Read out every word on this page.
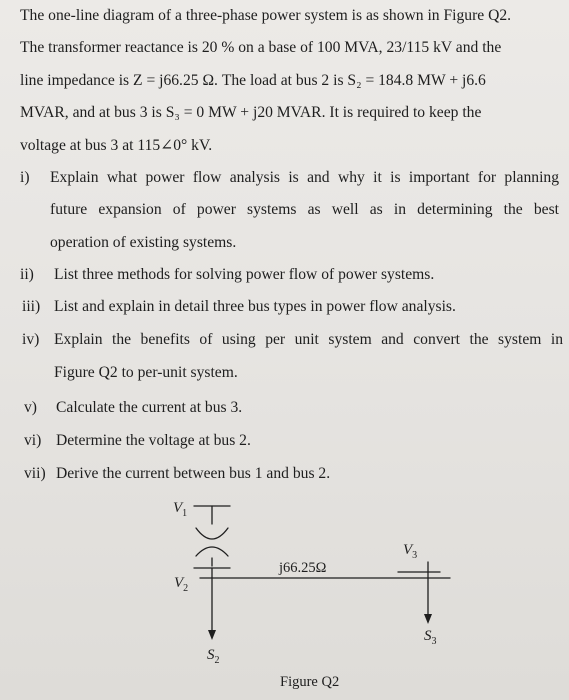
The one-line diagram of a three-phase power system is as shown in Figure Q2.
The transformer reactance is 20 % on a base of 100 MVA, 23/115 kV and the
line impedance is Z = j66.25 Ω. The load at bus 2 is S₂ = 184.8 MW + j6.6
MVAR, and at bus 3 is S₃ = 0 MW + j20 MVAR. It is required to keep the
voltage at bus 3 at 115∠0° kV.
i) Explain what power flow analysis is and why it is important for planning
future expansion of power systems as well as in determining the best
operation of existing systems.
ii) List three methods for solving power flow of power systems.
iii) List and explain in detail three bus types in power flow analysis.
iv) Explain the benefits of using per unit system and convert the system in
Figure Q2 to per-unit system.
v) Calculate the current at bus 3.
vi) Determine the voltage at bus 2.
vii) Derive the current between bus 1 and bus 2.
$V_1$
$V_2$
$V_3$
j66.25Ω
$S_2$
$S_3$
Figure Q2
